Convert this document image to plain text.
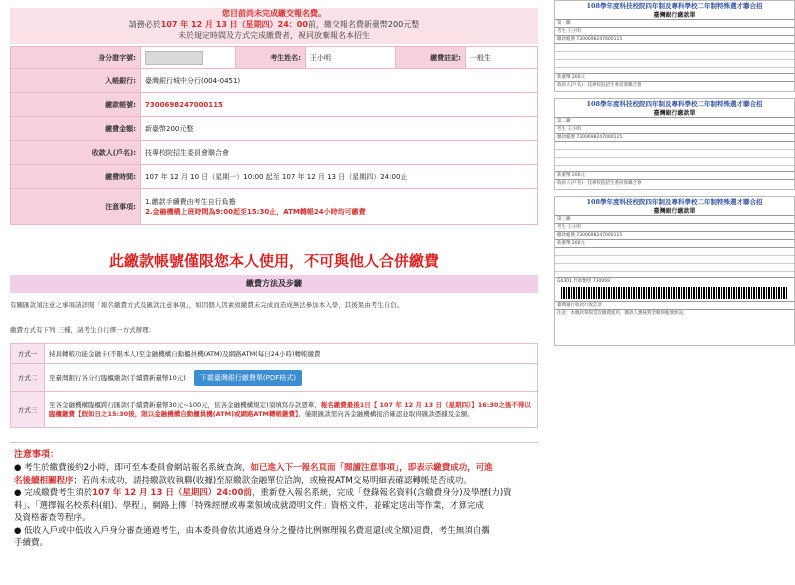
您目前尚未完成繳交報名費。
請務必於107 年 12 月 13 日（星期四）24：00前，繳交報名費新臺幣200元整
未於規定時間及方式完成繳費者，視同放棄報名本招生
身分證字號:		考生姓名:	王小明	繳費註記:	一般生
入帳銀行:	臺灣銀行城中分行(004-0451)				
繳款帳號:	7300698247000115				
繳費金額:	新臺幣200元整				
收款人(戶名):	技專校院招生委員會聯合會				
繳費時間:	107 年 12 月 10 日（星期一）10:00 起至 107 年 12 月 13 日（星期四）24:00止				
注意事項:	1.繳款手續費由考生自行負擔
2.金融機構上班時間為9:00起至15:30止，ATM轉帳24小時均可繳費				
此繳款帳號僅限您本人使用，不可與他人合併繳費
繳費方法及步驟
有關匯款須注意之事項請詳閱「報名繳費方式及匯款注意事項」，如因個人因素致繳費未完成而造成無法參加本入學，其後果由考生自負。
繳費方式有下列 三種，請考生自行擇一方式辦理：
方式一	持具轉帳功能金融卡(不限本人)至金融機構自動櫃員機(ATM)及網路ATM(每日24小時)轉帳繳費
方式二	至臺灣銀行各分行臨櫃繳款(手續費新臺幣10元) 下載臺灣銀行繳費單(PDF格式)
方式三	至各金融機構臨櫃跨行匯款(手續費新臺幣30元~100元，依各金融機構規定)須填寫存款憑單，報名繳費最後1日【 107 年 12 月 13 日（星期四）】16:30之後不得以臨櫃繳費【假如日之15:30後，限以金融機構自動櫃員機(ATM)或網路ATM轉帳繳費】，僅限匯款需向各金融機構接洽確認並取得匯款憑據及金額。
注意事項：

● 考生於繳費後約2小時，即可至本委員會網站報名系統查詢，如已進入下一報名頁面「閱讀注意事項」，即表示繳費成功，可進

名後續相關程序；若尚未成功，請持繳款收執聯(收據)至原繳款金融單位洽詢，或檢視ATM交易明細表確認轉帳是否成功。

● 完成繳費考生須於107 年 12 月 13 日（星期四）24:00前，重新登入報名系統，完成「登錄報名資料(含繳費身分)及學歷(力)資

料」、「選擇報名校系科(組)、學程」，網路上傳「特殊經歷或專業領域成就證明文件」資格文件，並確定送出等作業，才算完成

及資格審查等程序。

● 低收入戶或中低收入戶身分審查通過考生，由本委員會依其通過身分之優待比例辦理報名費退還(或全額)退費，考生無須自攜

手續費。

108學年度科技校院四年制及專科學校二年制特殊選才聯合招
臺灣銀行繳款單
第一聯
考生 王小明
繳款帳號 7300698247000115
新臺幣 200元
收款人(戶名)：技專校院招生委員會聯合會
108學年度科技校院四年制及專科學校二年制特殊選才聯合招
臺灣銀行繳款單
第二聯
考生 王小明
繳款帳號 7300698247000115
新臺幣 200元
收款人(戶名)：技專校院招生委員會聯合會
108學年度科技校院四年制及專科學校二年制特殊選才聯合招
臺灣銀行繳款單
第三聯
考生 王小明
繳款帳號 7300698247000115
新臺幣 200元
G0301 代收類別 730069
臺灣銀行收款行收訖章
注意：本繳款單限當次繳費使用，繳款人應核對金額與帳號無誤。
